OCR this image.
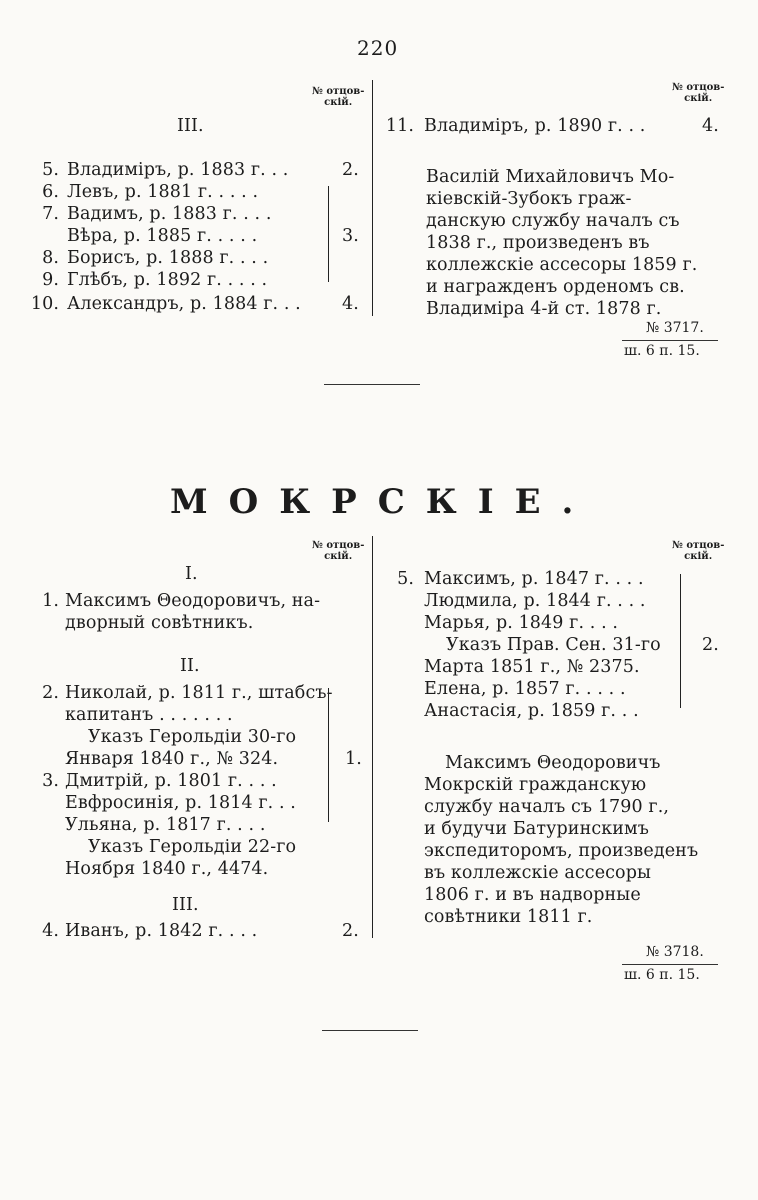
220
№ отцов-
скій.
III.
5. Владиміръ, р. 1883 г. . .	2.
6. Левъ, р. 1881 г. . . . .
7. Вадимъ, р. 1883 г. . . .
Вѣра, р. 1885 г. . . . .	3.
8. Борисъ, р. 1888 г. . . .
9. Глѣбъ, р. 1892 г. . . . .
10. Александръ, р. 1884 г. . . 4.
№ отцов-
скій.
11. Владиміръ, р. 1890 г. . .	4.
Василій Михайловичъ Мо-
кіевскій-Зубокъ граж-
данскую службу началъ съ
1838 г., произведенъ въ
коллежскіе ассесоры 1859 г.
и награжденъ орденомъ св.
Владиміра 4-й ст. 1878 г.
№ 3717.
ш. 6 п. 15.
МОКРСКІЕ.
№ отцов-
скій.
I.
1. Максимъ Θеодоровичъ, на-
дворный совѣтникъ.
II.
2. Николай, р. 1811 г., штабсъ-
капитанъ . . . . . . .
Указъ Герольдіи 30-го
Января 1840 г., № 324.	1.
3. Дмитрій, р. 1801 г. . . .
Евфросинія, р. 1814 г. . .
Ульяна, р. 1817 г. . . .
Указъ Герольдіи 22-го
Ноября 1840 г., 4474.
III.
4. Иванъ, р. 1842 г. . . .	2.
№ отцов-
скій.
5. Максимъ, р. 1847 г. . . .
Людмила, р. 1844 г. . . .
Марья, р. 1849 г. . . .
Указъ Прав. Сен. 31-го 2.
Марта 1851 г., № 2375.
Елена, р. 1857 г. . . . .
Анастасія, р. 1859 г. . .
Максимъ Θеодоровичъ
Мокрскій гражданскую
службу началъ съ 1790 г.,
и будучи Батуринскимъ
экспедиторомъ, произведенъ
въ коллежскіе ассесоры
1806 г. и въ надворные
совѣтники 1811 г.
№ 3718.
ш. 6 п. 15.
